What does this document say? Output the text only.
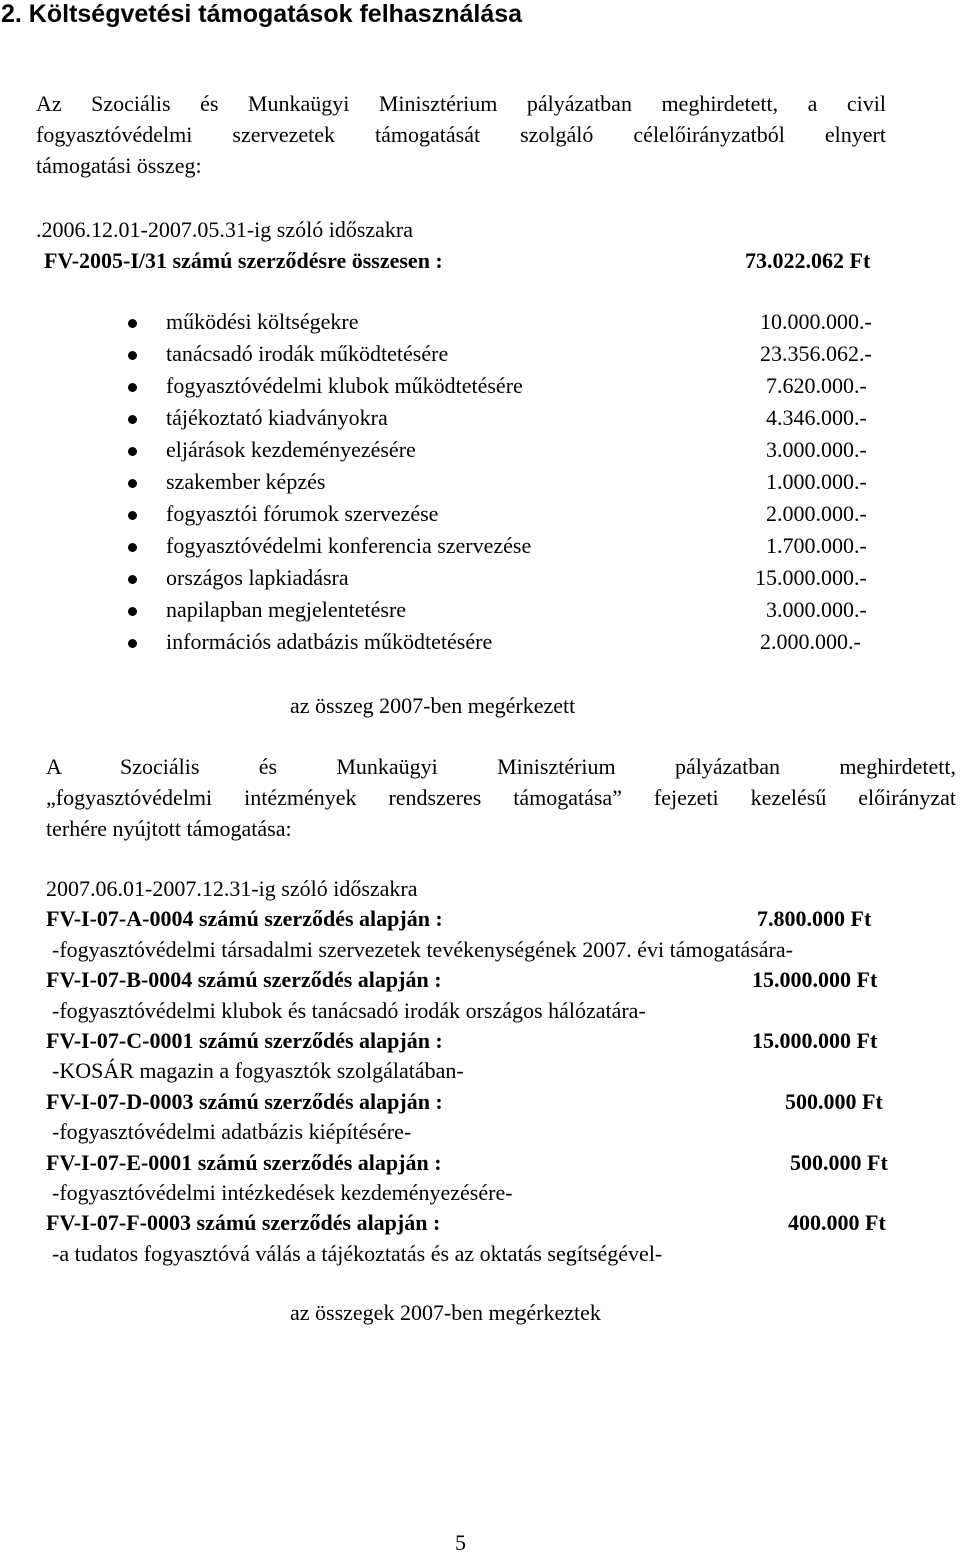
2. Költségvetési támogatások felhasználása
Az Szociális és Munkaügyi Minisztérium pályázatban meghirdetett, a civil
fogyasztóvédelmi szervezetek támogatását szolgáló célelőirányzatból elnyert
támogatási összeg:
.2006.12.01-2007.05.31-ig szóló időszakra
FV-2005-I/31 számú szerződésre összesen :	73.022.062 Ft
működési költségekre	10.000.000.-
tanácsadó irodák működtetésére	23.356.062.-
fogyasztóvédelmi klubok működtetésére	7.620.000.-
tájékoztató kiadványokra	4.346.000.-
eljárások kezdeményezésére	3.000.000.-
szakember képzés	1.000.000.-
fogyasztói fórumok szervezése	2.000.000.-
fogyasztóvédelmi konferencia szervezése	1.700.000.-
országos lapkiadásra	15.000.000.-
napilapban megjelentetésre	3.000.000.-
információs adatbázis működtetésére	2.000.000.-
az összeg 2007-ben megérkezett
A Szociális és Munkaügyi Minisztérium pályázatban meghirdetett,
„fogyasztóvédelmi intézmények rendszeres támogatása” fejezeti kezelésű előirányzat
terhére nyújtott támogatása:
2007.06.01-2007.12.31-ig szóló időszakra
FV-I-07-A-0004 számú szerződés alapján :	7.800.000 Ft
-fogyasztóvédelmi társadalmi szervezetek tevékenységének 2007. évi támogatására-
FV-I-07-B-0004 számú szerződés alapján :	15.000.000 Ft
-fogyasztóvédelmi klubok és tanácsadó irodák országos hálózatára-
FV-I-07-C-0001 számú szerződés alapján :	15.000.000 Ft
-KOSÁR magazin a fogyasztók szolgálatában-
FV-I-07-D-0003 számú szerződés alapján :	500.000 Ft
-fogyasztóvédelmi adatbázis kiépítésére-
FV-I-07-E-0001 számú szerződés alapján :	500.000 Ft
-fogyasztóvédelmi intézkedések kezdeményezésére-
FV-I-07-F-0003 számú szerződés alapján :	400.000 Ft
-a tudatos fogyasztóvá válás a tájékoztatás és az oktatás segítségével-
az összegek 2007-ben megérkeztek
5
